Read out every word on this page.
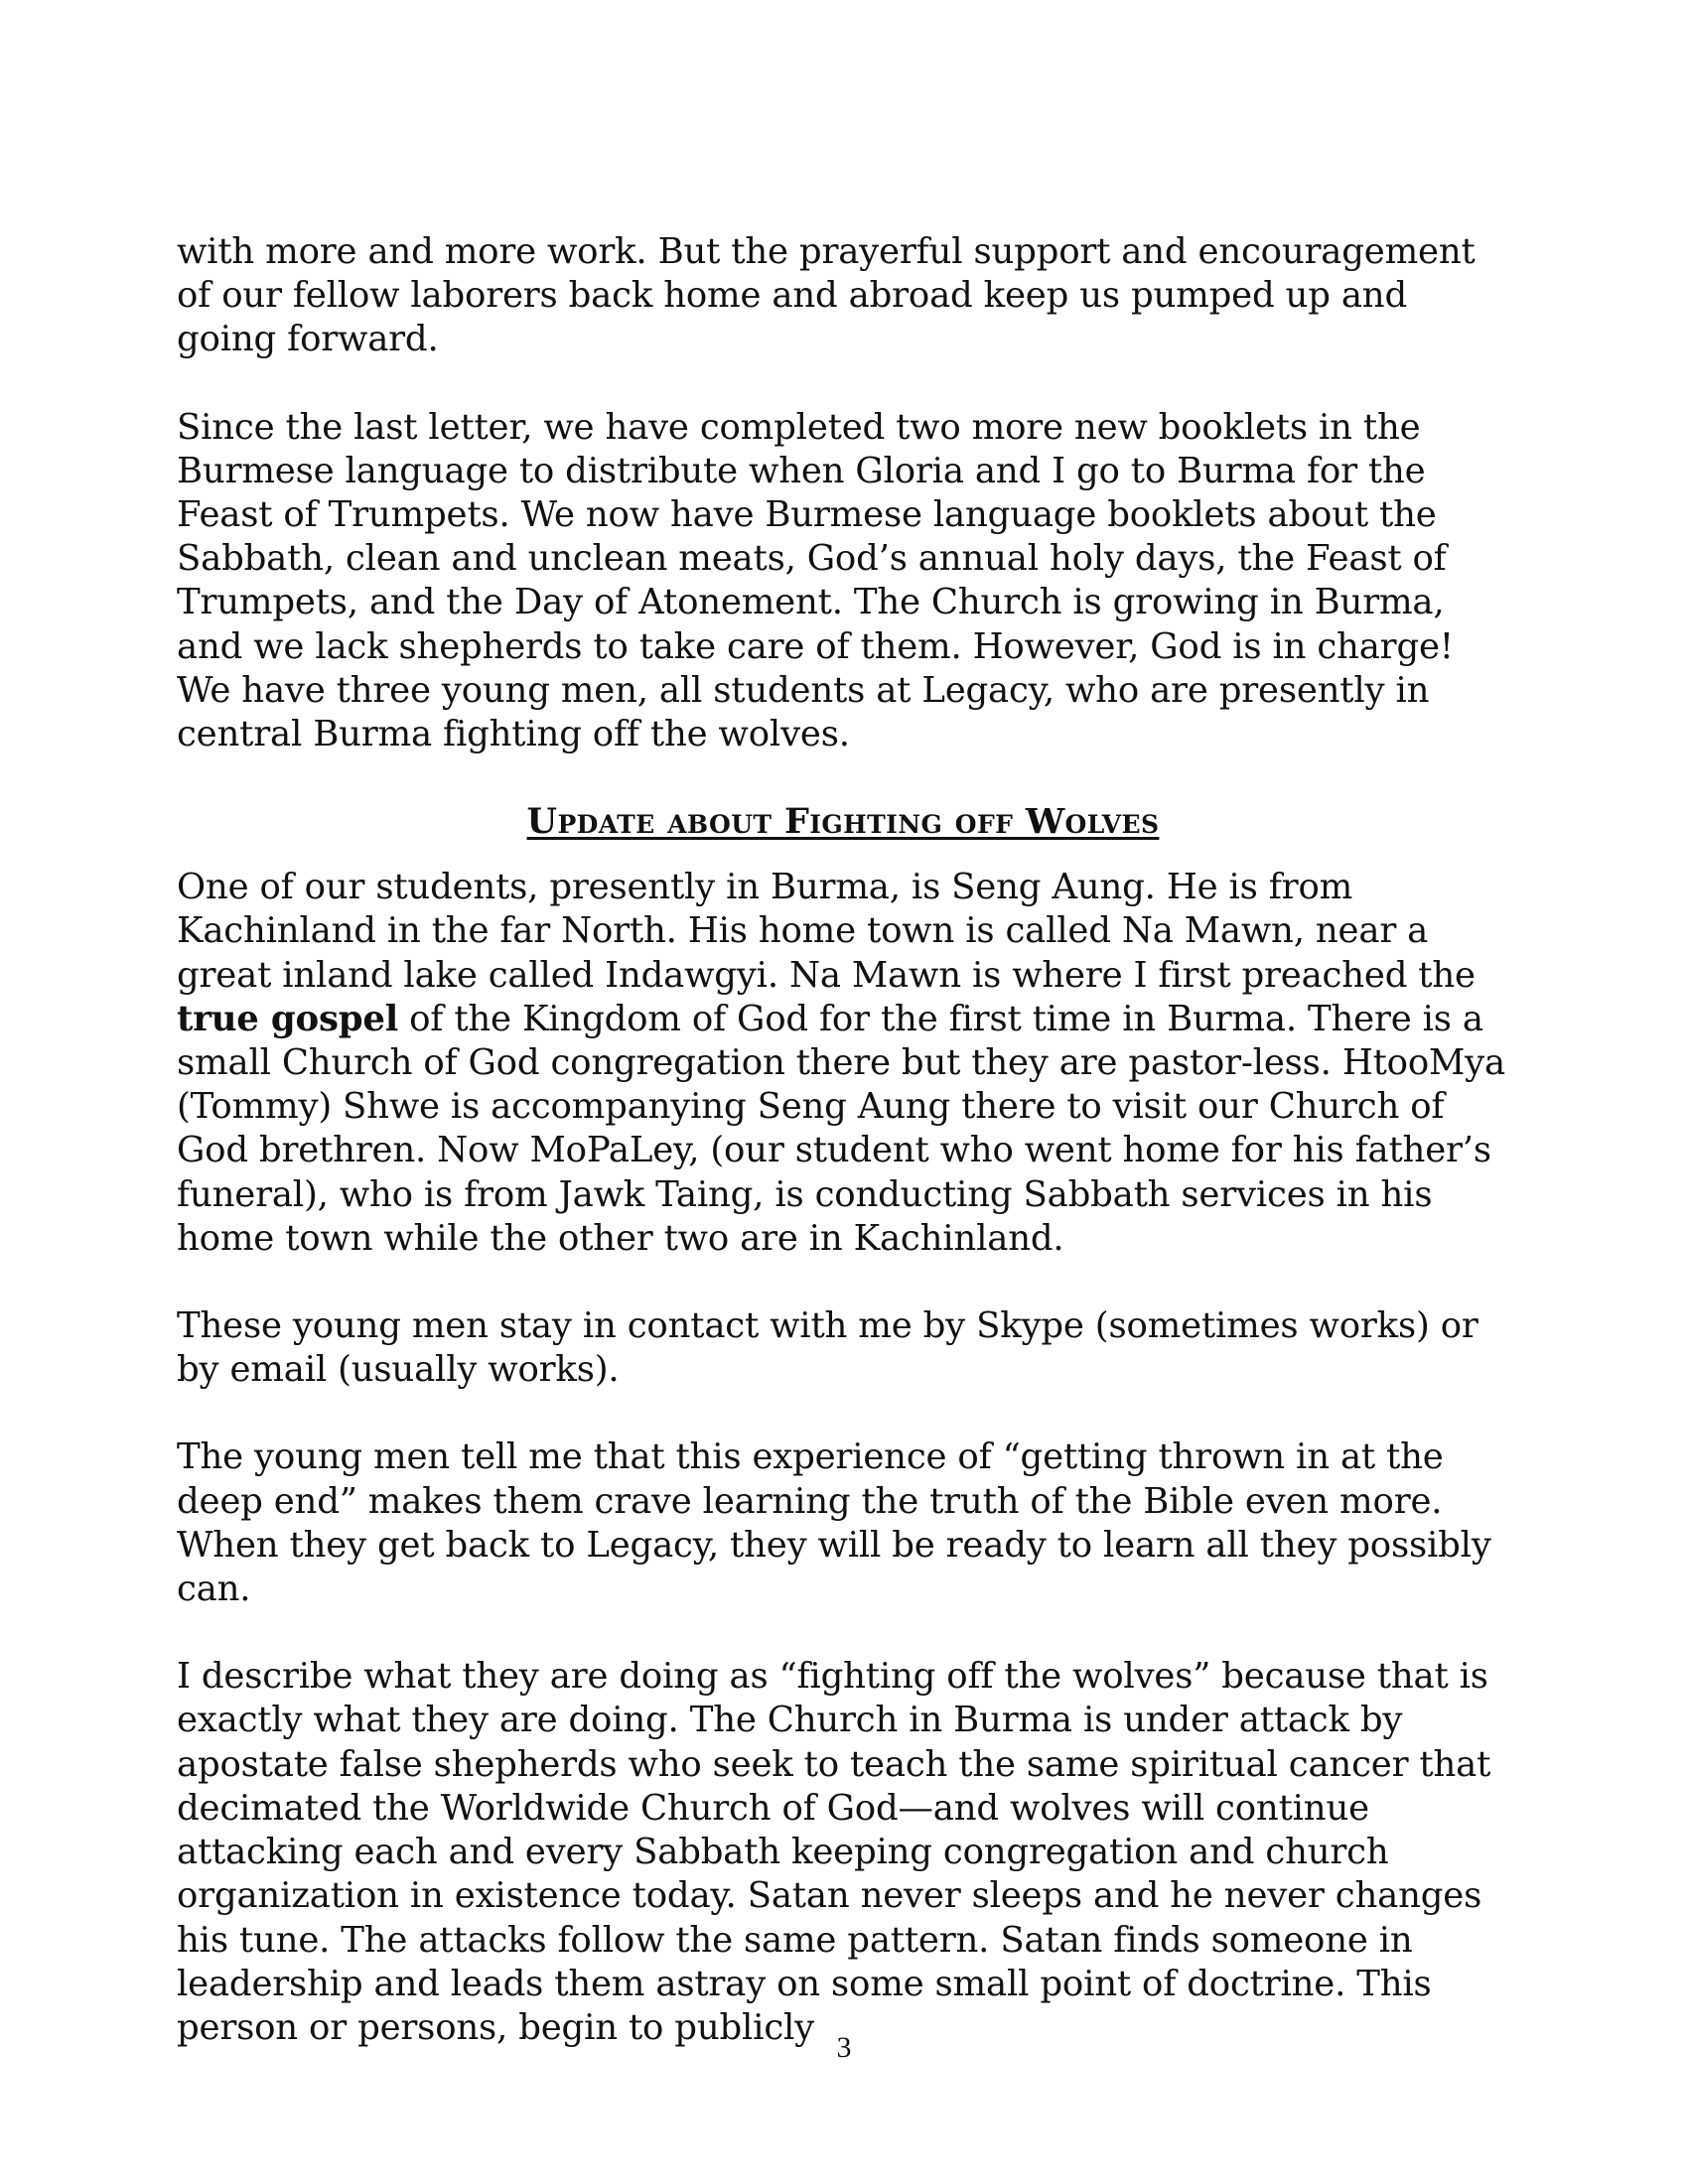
with more and more work. But the prayerful support and encouragement of our fellow laborers back home and abroad keep us pumped up and going forward.

Since the last letter, we have completed two more new booklets in the Burmese language to distribute when Gloria and I go to Burma for the Feast of Trumpets. We now have Burmese language booklets about the Sabbath, clean and unclean meats, God’s annual holy days, the Feast of Trumpets, and the Day of Atonement. The Church is growing in Burma, and we lack shepherds to take care of them. However, God is in charge! We have three young men, all students at Legacy, who are presently in central Burma fighting off the wolves.

Update about Fighting off Wolves

One of our students, presently in Burma, is Seng Aung. He is from Kachinland in the far North. His home town is called Na Mawn, near a great inland lake called Indawgyi. Na Mawn is where I first preached the true gospel of the Kingdom of God for the first time in Burma. There is a small Church of God congregation there but they are pastor-less. HtooMya (Tommy) Shwe is accompanying Seng Aung there to visit our Church of God brethren. Now MoPaLey, (our student who went home for his father’s funeral), who is from Jawk Taing, is conducting Sabbath services in his home town while the other two are in Kachinland.

These young men stay in contact with me by Skype (sometimes works) or by email (usually works).

The young men tell me that this experience of “getting thrown in at the deep end” makes them crave learning the truth of the Bible even more. When they get back to Legacy, they will be ready to learn all they possibly can.

I describe what they are doing as “fighting off the wolves” because that is exactly what they are doing. The Church in Burma is under attack by apostate false shepherds who seek to teach the same spiritual cancer that decimated the Worldwide Church of God—and wolves will continue attacking each and every Sabbath keeping congregation and church organization in existence today. Satan never sleeps and he never changes his tune. The attacks follow the same pattern. Satan finds someone in leadership and leads them astray on some small point of doctrine. This person or persons, begin to publicly 3
